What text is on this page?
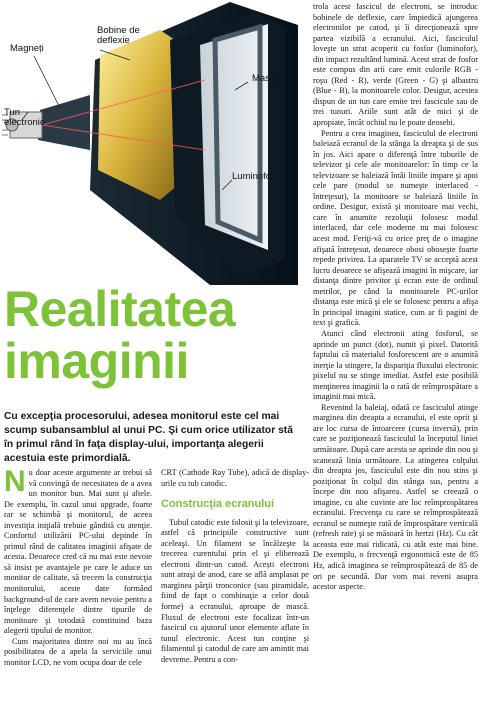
Magneți
Bobine de
deflexie
Masca
Tun
electronic
Luminofor
Realitatea
imaginii
Cu excepţia procesorului, adesea monitorul este cel mai scump subansamblul al unui PC. Şi cum orice utilizator stă în primul rând în faţa display-ului, importanţa alegerii acestuia este primordială.

Nu doar aceste argumente ar trebui să vă convingă de necesitatea de a avea un monitor bun. Mai sunt şi altele. De exemplu, în cazul unui upgrade, foarte rar se schimbă şi monitorul, de aceea investiţia iniţială trebuie gândită cu atenţie. Confortul utilizării PC-ului depinde în primul rând de calitatea imaginii afişate de acesta. Deoarece cred că nu mai este nevoie să insist pe avantajele pe care le aduce un monitor de calitate, să trecem la construcţia monitorului, aceste date formând background-ul de care avem nevoie pentru a înţelege diferenţele dintre tipurile de monitoare şi totodată constituind baza alegerii tipului de monitor.

Cum majoritatea dintre noi nu au încă posibilitatea de a apela la serviciile unui monitor LCD, ne vom ocupa doar de cele

CRT (Cathode Ray Tube), adică de display-urile cu tub catodic.

Construcţia ecranului

Tubul catodic este folosit şi la televizoare, astfel că principiile constructive sunt aceleaşi. Un filament se încălzeşte la trecerea curentului prin el şi eliberează electroni dintr-un catod. Acești electroni sunt atraşi de anod, care se află amplasat pe marginea părţii tronconice (sau piramidale, fiind de fapt o combinaţie a celor două forme) a ecranului, aproape de mască. Fluxul de electroni este focalizat într-un fascicul cu ajutorul unor elemente aflate în tunul electronic. Acest tun conţine şi filamentul şi catodul de care am amintit mai devreme. Pentru a con-

trola acest fascicul de electroni, se introduc bobinele de deflexie, care împiedică ajungerea electronilor pe catod, şi îi direcţionează spre partea vizibilă a ecranului. Aici, fasciculul loveşte un strat acoperit cu fosfor (luminofor), din impact rezultând lumină. Acest strat de fosfor este compus din arii care emit culorile RGB - roşu (Red - R), verde (Green - G) şi albastru (Blue - B), la monitoarele color. Desigur, acestea dispun de un tun care emite trei fascicule sau de trei tunuri. Ariile sunt atât de mici şi de apropiate, încât ochiul nu le poate deosebi.

Pentru a crea imaginea, fasciculul de electroni baleiază ecranul de la stânga la dreapta şi de sus în jos. Aici apare o diferenţă între tuburile de televizor şi cele ale monitoarelor: în timp ce la televizoare se baleiază întâi liniile impare şi apoi cele pare (modul se numeşte interlaced - întreţesut), la monitoare se baleiază liniile în ordine. Desigur, există şi monitoare mai vechi, care în anumite rezoluţii folosesc modul interlaced, dar cele moderne nu mai folosesc acest mod. Feriţi-vă cu orice preţ de o imagine afişată întreţesut, deoarece obosi obosește foarte repede privirea. La aparatele TV se acceptă acest lucru deoarece se afişează imagini în mişcare, iar distanţa dintre privitor şi ecran este de ordinul metrilor, pe când la monitoarele PC-urilor distanţa este mică şi ele se folosesc pentru a afişa în principal imagini statice, cum ar fi pagini de text şi grafică.

Atunci când electronii ating fosforul, se aprinde un punct (dot), numit şi pixel. Datorită faptului că materialul fosforescent are o anumită inerţie la stingere, la dispariţia fluxului electronic pixelul nu se stinge imediat. Astfel este posibilă menţinerea imaginii la o rată de reîmprospătare a imaginii mai mică.

Revenind la baleiaj, odată ce fasciculul atinge marginea din dreapta a ecranului, el este oprit şi are loc cursa de întoarcere (cursa inversă), prin care se poziţionează fasciculul la începutul liniei următoare. După care acesta se aprinde din nou şi scanează linia următoare. La atingerea colţului din dreapta jos, fasciculul este din nou stins şi poziţionat în colţul din stânga sus, pentru a începe din nou afişarea. Astfel se creează o imagine, cu alte cuvinte are loc reîmprospătarea ecranului. Frecvenţa cu care se reîmprospătează ecranul se numeşte rată de împrospătare verticală (refresh rate) şi se măsoară în hertzi (Hz). Cu cât aceasta este mai ridicată, cu atât este mai bine. De exemplu, o frecvenţă ergonomică este de 85 Hz, adică imaginea se reîmprospătează de 85 de ori pe secundă. Dar vom mai reveni asupra acestor aspecte.
